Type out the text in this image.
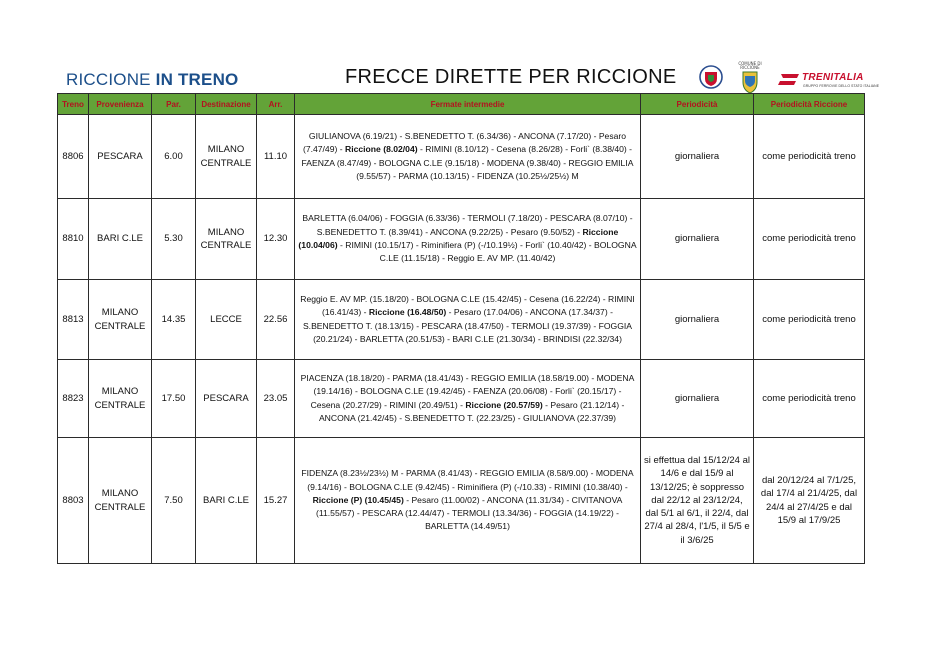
RICCIONE IN TRENO	FRECCE DIRETTE PER RICCIONE
COMUNE DI RICCIONE
TRENITALIA
GRUPPO FERROVIE DELLO STATO ITALIANE
Treno	Provenienza	Par.	Destinazione	Arr.	Fermate intermedie	Periodicità	Periodicità Riccione
8806	PESCARA	6.00	MILANO CENTRALE	11.10	GIULIANOVA (6.19/21) - S.BENEDETTO T. (6.34/36) - ANCONA (7.17/20) - Pesaro (7.47/49) - Riccione (8.02/04) - RIMINI (8.10/12) - Cesena (8.26/28) - Forli` (8.38/40) - FAENZA (8.47/49) - BOLOGNA C.LE (9.15/18) - MODENA (9.38/40) - REGGIO EMILIA (9.55/57) - PARMA (10.13/15) - FIDENZA (10.25½/25½) M	giornaliera	come periodicità treno
8810	BARI C.LE	5.30	MILANO CENTRALE	12.30	BARLETTA (6.04/06) - FOGGIA (6.33/36) - TERMOLI (7.18/20) - PESCARA (8.07/10) - S.BENEDETTO T. (8.39/41) - ANCONA (9.22/25) - Pesaro (9.50/52) - Riccione (10.04/06) - RIMINI (10.15/17) - Riminifiera (P) (-/10.19½) - Forli` (10.40/42) - BOLOGNA C.LE (11.15/18) - Reggio E. AV MP. (11.40/42)	giornaliera	come periodicità treno
8813	MILANO CENTRALE	14.35	LECCE	22.56	Reggio E. AV MP. (15.18/20) - BOLOGNA C.LE (15.42/45) - Cesena (16.22/24) - RIMINI (16.41/43) - Riccione (16.48/50) - Pesaro (17.04/06) - ANCONA (17.34/37) - S.BENEDETTO T. (18.13/15) - PESCARA (18.47/50) - TERMOLI (19.37/39) - FOGGIA (20.21/24) - BARLETTA (20.51/53) - BARI C.LE (21.30/34) - BRINDISI (22.32/34)	giornaliera	come periodicità treno
8823	MILANO CENTRALE	17.50	PESCARA	23.05	PIACENZA (18.18/20) - PARMA (18.41/43) - REGGIO EMILIA (18.58/19.00) - MODENA (19.14/16) - BOLOGNA C.LE (19.42/45) - FAENZA (20.06/08) - Forli` (20.15/17) - Cesena (20.27/29) - RIMINI (20.49/51) - Riccione (20.57/59) - Pesaro (21.12/14) - ANCONA (21.42/45) - S.BENEDETTO T. (22.23/25) - GIULIANOVA (22.37/39)	giornaliera	come periodicità treno
8803	MILANO CENTRALE	7.50	BARI C.LE	15.27	FIDENZA (8.23½/23½) M - PARMA (8.41/43) - REGGIO EMILIA (8.58/9.00) - MODENA (9.14/16) - BOLOGNA C.LE (9.42/45) - Riminifiera (P) (-/10.33) - RIMINI (10.38/40) - Riccione (P) (10.45/45) - Pesaro (11.00/02) - ANCONA (11.31/34) - CIVITANOVA (11.55/57) - PESCARA (12.44/47) - TERMOLI (13.34/36) - FOGGIA (14.19/22) - BARLETTA (14.49/51)	si effettua dal 15/12/24 al 14/6 e dal 15/9 al 13/12/25; è soppresso dal 22/12 al 23/12/24, dal 5/1 al 6/1, il 22/4, dal 27/4 al 28/4, l'1/5, il 5/5 e il 3/6/25	dal 20/12/24 al 7/1/25, dal 17/4 al 21/4/25, dal 24/4 al 27/4/25 e dal 15/9 al 17/9/25
